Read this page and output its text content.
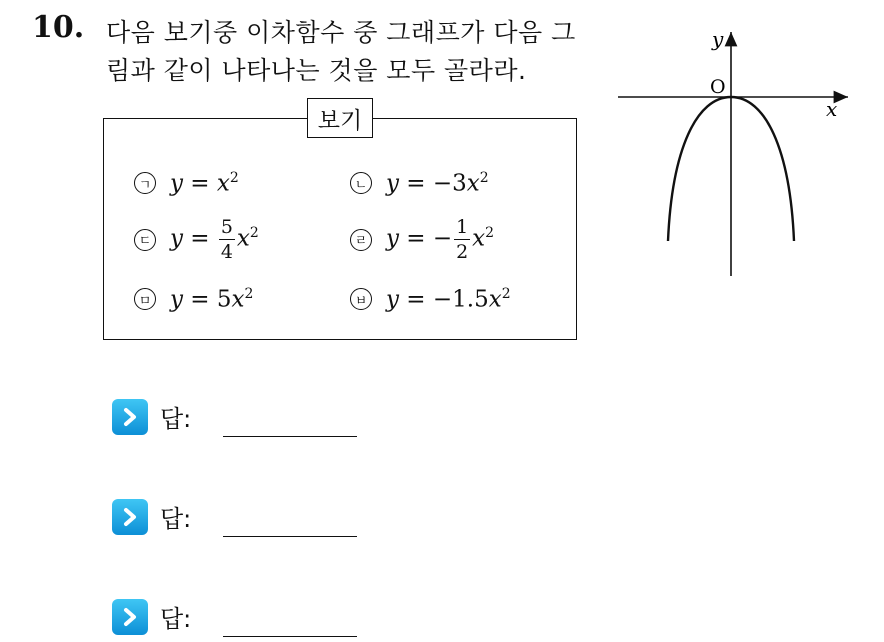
10. 다음 보기중 이차함수 중 그래프가 다음 그
림과 같이 나타나는 것을 모두 골라라.
보기
ㄱ $y = x^2$	ㄴ $y = -3x^2$
ㄷ $y = \frac{5}{4} x^2$
ㄹ y = − $\frac{1}{2} x^2$
ㅁ $y = 5x^2$	ㅂ $y = -1.5x^2$
x
y
O
답:
답:
답:
